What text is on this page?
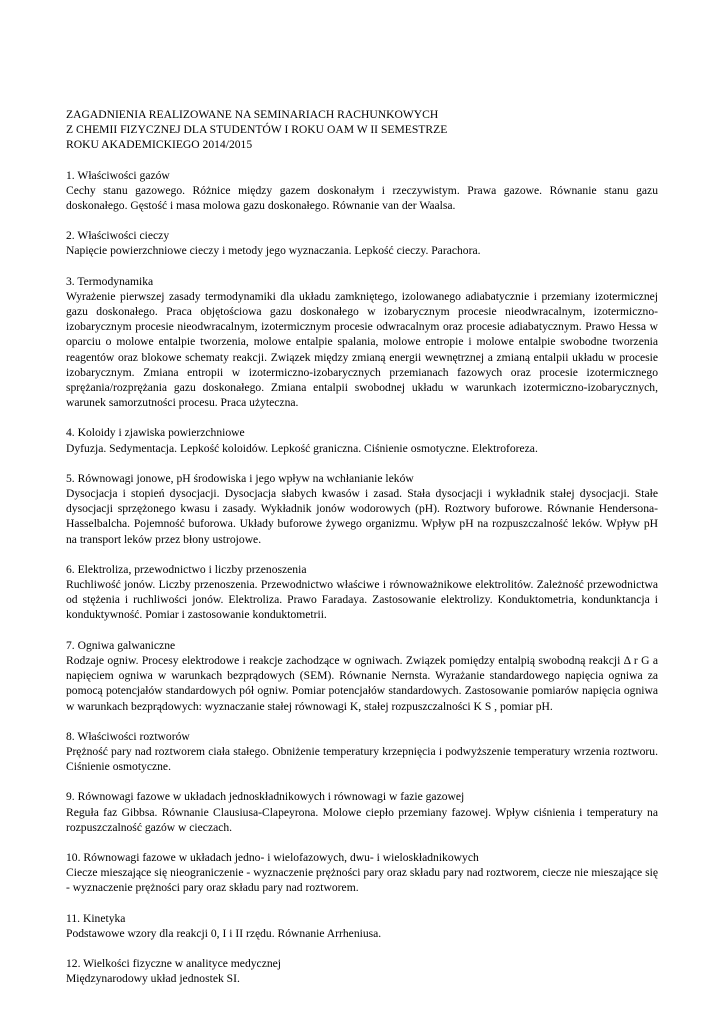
ZAGADNIENIA REALIZOWANE NA SEMINARIACH RACHUNKOWYCH
Z CHEMII FIZYCZNEJ DLA STUDENTÓW I ROKU OAM W II SEMESTRZE
ROKU AKADEMICKIEGO 2014/2015
1. Właściwości gazów
Cechy stanu gazowego. Różnice między gazem doskonałym i rzeczywistym. Prawa gazowe. Równanie stanu gazu doskonałego. Gęstość i masa molowa gazu doskonałego. Równanie van der Waalsa.
2. Właściwości cieczy
Napięcie powierzchniowe cieczy i metody jego wyznaczania. Lepkość cieczy. Parachora.
3. Termodynamika
Wyrażenie pierwszej zasady termodynamiki dla układu zamkniętego, izolowanego adiabatycznie i przemiany izotermicznej gazu doskonałego. Praca objętościowa gazu doskonałego w izobarycznym procesie nieodwracalnym, izotermiczno-izobarycznym procesie nieodwracalnym, izotermicznym procesie odwracalnym oraz procesie adiabatycznym. Prawo Hessa w oparciu o molowe entalpie tworzenia, molowe entalpie spalania, molowe entropie i molowe entalpie swobodne tworzenia reagentów oraz blokowe schematy reakcji. Związek między zmianą energii wewnętrznej a zmianą entalpii układu w procesie izobarycznym. Zmiana entropii w izotermiczno-izobarycznych przemianach fazowych oraz procesie izotermicznego sprężania/rozprężania gazu doskonałego. Zmiana entalpii swobodnej układu w warunkach izotermiczno-izobarycznych, warunek samorzutności procesu. Praca użyteczna.
4. Koloidy i zjawiska powierzchniowe
Dyfuzja. Sedymentacja. Lepkość koloidów. Lepkość graniczna. Ciśnienie osmotyczne. Elektroforeza.
5. Równowagi jonowe, pH środowiska i jego wpływ na wchłanianie leków
Dysocjacja i stopień dysocjacji. Dysocjacja słabych kwasów i zasad. Stała dysocjacji i wykładnik stałej dysocjacji. Stałe dysocjacji sprzężonego kwasu i zasady. Wykładnik jonów wodorowych (pH). Roztwory buforowe. Równanie Hendersona-Hasselbalcha. Pojemność buforowa. Układy buforowe żywego organizmu. Wpływ pH na rozpuszczalność leków. Wpływ pH na transport leków przez błony ustrojowe.
6. Elektroliza, przewodnictwo i liczby przenoszenia
Ruchliwość jonów. Liczby przenoszenia. Przewodnictwo właściwe i równoważnikowe elektrolitów. Zależność przewodnictwa od stężenia i ruchliwości jonów. Elektroliza. Prawo Faradaya. Zastosowanie elektrolizy. Konduktometria, kondunktancja i konduktywność. Pomiar i zastosowanie konduktometrii.
7. Ogniwa galwaniczne
Rodzaje ogniw. Procesy elektrodowe i reakcje zachodzące w ogniwach. Związek pomiędzy entalpią swobodną reakcji Δ r G a napięciem ogniwa w warunkach bezprądowych (SEM). Równanie Nernsta. Wyrażanie standardowego napięcia ogniwa za pomocą potencjałów standardowych pół ogniw. Pomiar potencjałów standardowych. Zastosowanie pomiarów napięcia ogniwa w warunkach bezprądowych: wyznaczanie stałej równowagi K, stałej rozpuszczalności K S , pomiar pH.
8. Właściwości roztworów
Prężność pary nad roztworem ciała stałego. Obniżenie temperatury krzepnięcia i podwyższenie temperatury wrzenia roztworu. Ciśnienie osmotyczne.
9. Równowagi fazowe w układach jednoskładnikowych i równowagi w fazie gazowej
Reguła faz Gibbsa. Równanie Clausiusa-Clapeyrona. Molowe ciepło przemiany fazowej. Wpływ ciśnienia i temperatury na rozpuszczalność gazów w cieczach.
10. Równowagi fazowe w układach jedno- i wielofazowych, dwu- i wieloskładnikowych
Ciecze mieszające się nieograniczenie - wyznaczenie prężności pary oraz składu pary nad roztworem, ciecze nie mieszające się - wyznaczenie prężności pary oraz składu pary nad roztworem.
11. Kinetyka
Podstawowe wzory dla reakcji 0, I i II rzędu. Równanie Arrheniusa.
12. Wielkości fizyczne w analityce medycznej
Międzynarodowy układ jednostek SI.
